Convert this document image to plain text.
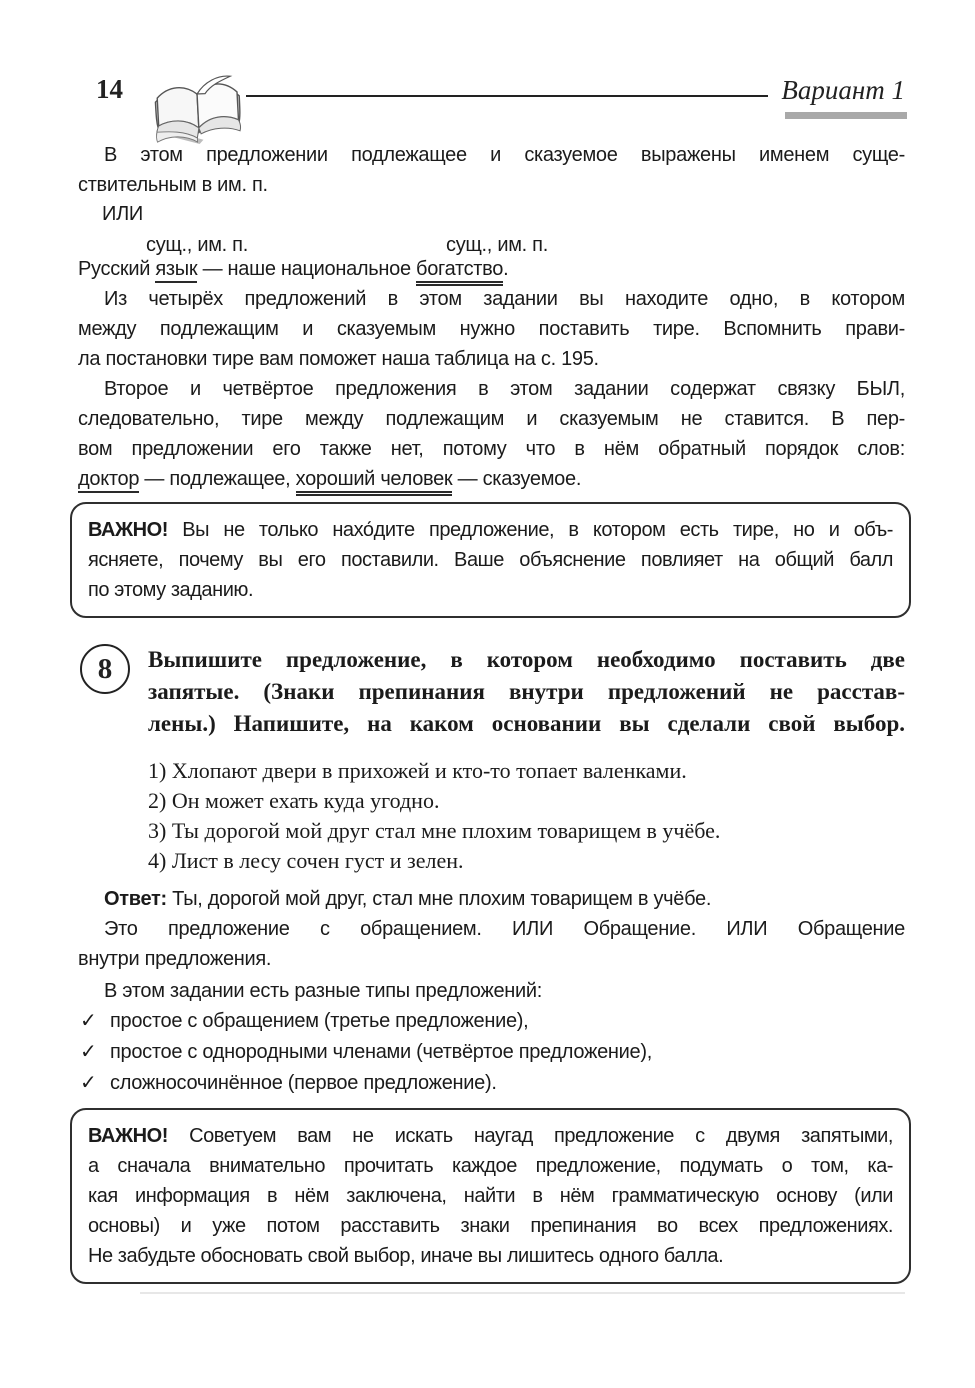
14	Вариант 1
В этом предложении подлежащее и сказуемое выражены именем суще-
ствительным в им. п.
ИЛИ
сущ., им. п.	сущ., им. п.
Русский язык — наше национальное богатство.
Из четырёх предложений в этом задании вы находите одно, в котором
между подлежащим и сказуемым нужно поставить тире. Вспомнить прави-
ла постановки тире вам поможет наша таблица на с. 195.
Второе и четвёртое предложения в этом задании содержат связку БЫЛ,
следовательно, тире между подлежащим и сказуемым не ставится. В пер-
вом предложении его также нет, потому что в нём обратный порядок слов:
доктор — подлежащее, хороший человек — сказуемое.
ВАЖНО! Вы не только нахо́дите предложение, в котором есть тире, но и объ-
ясняете, почему вы его поставили. Ваше объяснение повлияет на общий балл
по этому заданию.
8	Выпишите предложение, в котором необходимо поставить две
запятые. (Знаки препинания внутри предложений не расстав-
лены.) Напишите, на каком основании вы сделали свой выбор.
1) Хлопают двери в прихожей и кто-то топает валенками.
2) Он может ехать куда угодно.
3) Ты дорогой мой друг стал мне плохим товарищем в учёбе.
4) Лист в лесу сочен густ и зелен.
Ответ: Ты, дорогой мой друг, стал мне плохим товарищем в учёбе.
Это предложение с обращением. ИЛИ Обращение. ИЛИ Обращение
внутри предложения.
В этом задании есть разные типы предложений:
✓ простое с обращением (третье предложение),
✓ простое с однородными членами (четвёртое предложение),
✓ сложносочинённое (первое предложение).
ВАЖНО! Советуем вам не искать наугад предложение с двумя запятыми,
а сначала внимательно прочитать каждое предложение, подумать о том, ка-
кая информация в нём заключена, найти в нём грамматическую основу (или
основы) и уже потом расставить знаки препинания во всех предложениях.
Не забудьте обосновать свой выбор, иначе вы лишитесь одного балла.
